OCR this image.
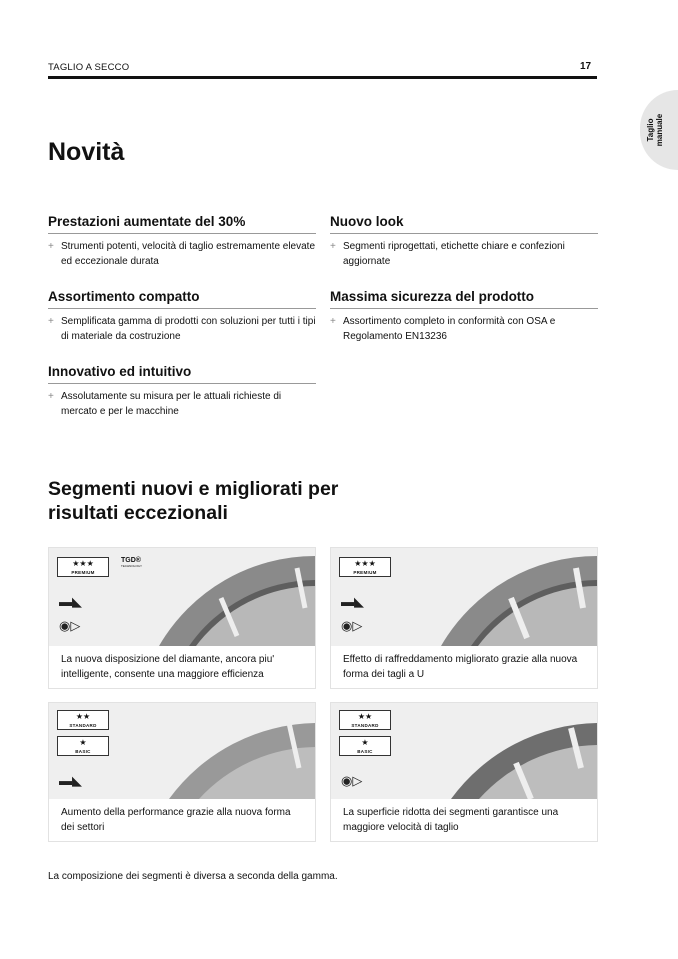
TAGLIO A SECCO	17
Taglio manuale
Novità
Prestazioni aumentate del 30%

+ Strumenti potenti, velocità di taglio estremamente elevate ed eccezionale durata

Nuovo look

+ Segmenti riprogettati, etichette chiare e confezioni aggiornate

Assortimento compatto

+ Semplificata gamma di prodotti con soluzioni per tutti i tipi di materiale da costruzione

Massima sicurezza del prodotto

+ Assortimento completo in conformità con OSA e Regolamento EN13236

Innovativo ed intuitivo

+ Assolutamente su misura per le attuali richieste di mercato e per le macchine

Segmenti nuovi e migliorati per risultati eccezionali
★★★
PREMIUM
TGD®
TECHNOLOGY
▬◣
◉▷
La nuova disposizione del diamante, ancora piu' intelligente, consente una maggiore efficienza
★★★
PREMIUM
▬◣
◉▷
Effetto di raffreddamento migliorato grazie alla nuova forma dei tagli a U
★★
STANDARD
★
BASIC
▬◣
Aumento della performance grazie alla nuova forma dei settori
★★
STANDARD
★
BASIC
◉▷
La superficie ridotta dei segmenti garantisce una maggiore velocità di taglio
La composizione dei segmenti è diversa a seconda della gamma.
